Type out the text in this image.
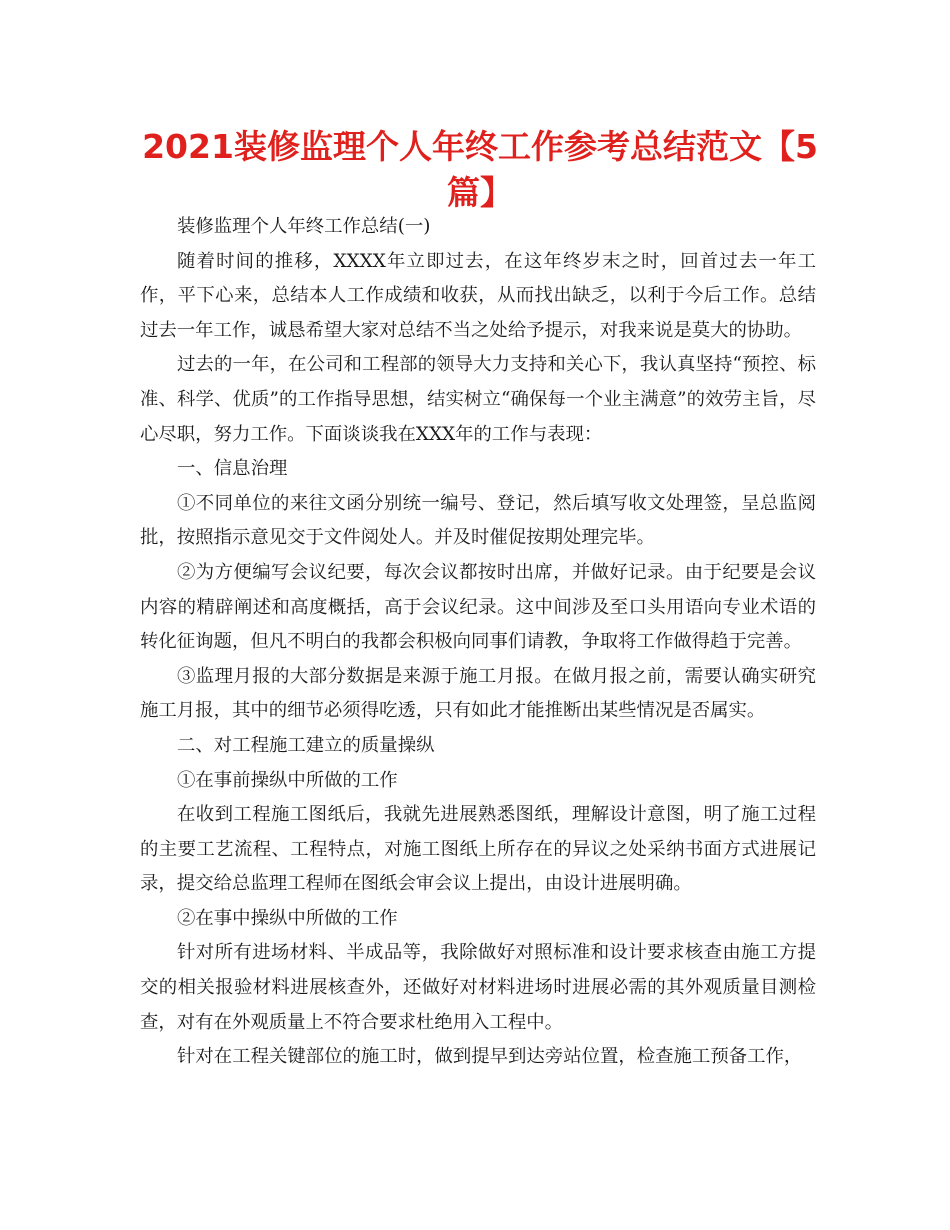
2021装修监理个人年终工作参考总结范文【5篇】

装修监理个人年终工作总结(一)

随着时间的推移，XXXX年立即过去，在这年终岁末之时，回首过去一年工作，平下心来，总结本人工作成绩和收获，从而找出缺乏，以利于今后工作。总结过去一年工作，诚恳希望大家对总结不当之处给予提示，对我来说是莫大的协助。

过去的一年，在公司和工程部的领导大力支持和关心下，我认真坚持“预控、标准、科学、优质”的工作指导思想，结实树立“确保每一个业主满意”的效劳主旨，尽心尽职，努力工作。下面谈谈我在XXX年的工作与表现：

一、信息治理

①不同单位的来往文函分别统一编号、登记，然后填写收文处理签，呈总监阅批，按照指示意见交于文件阅处人。并及时催促按期处理完毕。

②为方便编写会议纪要，每次会议都按时出席，并做好记录。由于纪要是会议内容的精辟阐述和高度概括，高于会议纪录。这中间涉及至口头用语向专业术语的转化征询题，但凡不明白的我都会积极向同事们请教，争取将工作做得趋于完善。

③监理月报的大部分数据是来源于施工月报。在做月报之前，需要认确实研究施工月报，其中的细节必须得吃透，只有如此才能推断出某些情况是否属实。

二、对工程施工建立的质量操纵

①在事前操纵中所做的工作

在收到工程施工图纸后，我就先进展熟悉图纸，理解设计意图，明了施工过程的主要工艺流程、工程特点，对施工图纸上所存在的异议之处采纳书面方式进展记录，提交给总监理工程师在图纸会审会议上提出，由设计进展明确。

②在事中操纵中所做的工作

针对所有进场材料、半成品等，我除做好对照标准和设计要求核查由施工方提交的相关报验材料进展核查外，还做好对材料进场时进展必需的其外观质量目测检查，对有在外观质量上不符合要求杜绝用入工程中。

针对在工程关键部位的施工时，做到提早到达旁站位置，检查施工预备工作，
